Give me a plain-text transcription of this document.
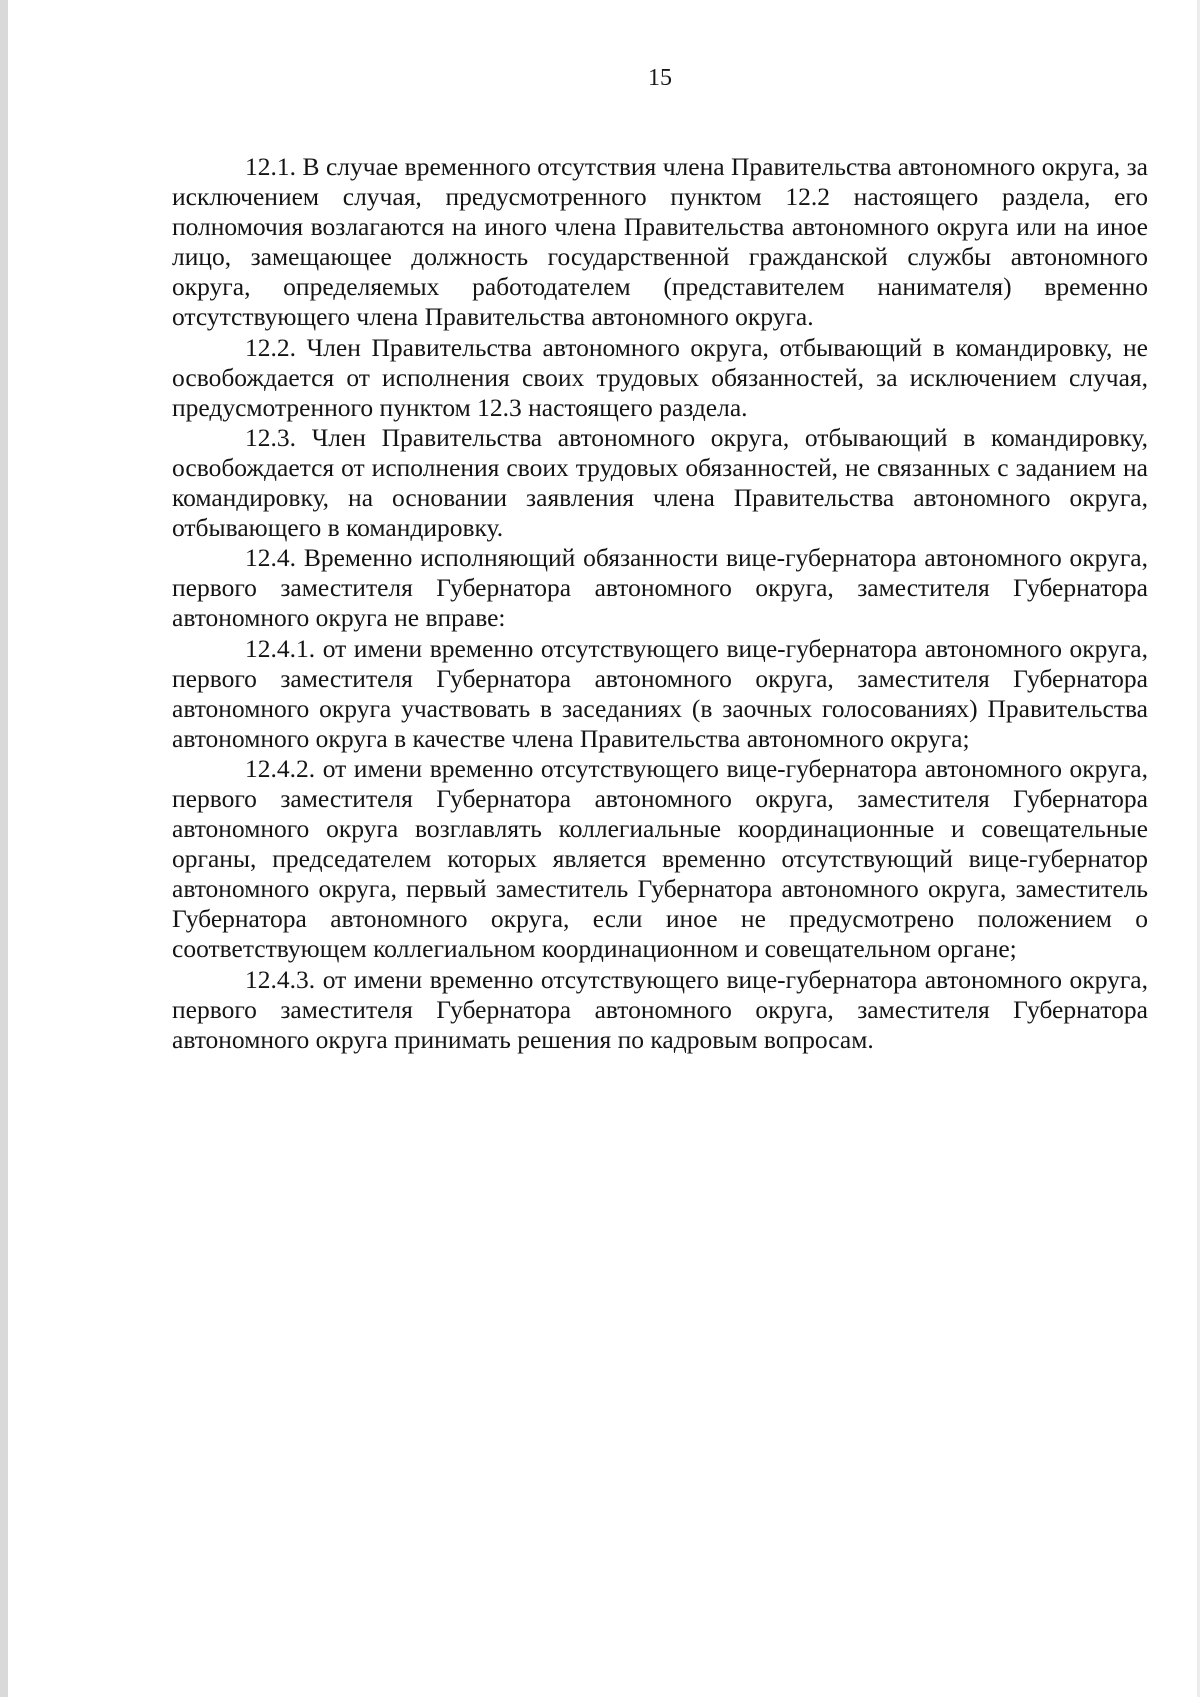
15

12.1. В случае временного отсутствия члена Правительства автономного округа, за исключением случая, предусмотренного пунктом 12.2 настоящего раздела, его полномочия возлагаются на иного члена Правительства автономного округа или на иное лицо, замещающее должность государственной гражданской службы автономного округа, определяемых работодателем (представителем нанимателя) временно отсутствующего члена Правительства автономного округа.

12.2. Член Правительства автономного округа, отбывающий в командировку, не освобождается от исполнения своих трудовых обязанностей, за исключением случая, предусмотренного пунктом 12.3 настоящего раздела.

12.3. Член Правительства автономного округа, отбывающий в командировку, освобождается от исполнения своих трудовых обязанностей, не связанных с заданием на командировку, на основании заявления члена Правительства автономного округа, отбывающего в командировку.

12.4. Временно исполняющий обязанности вице-губернатора автономного округа, первого заместителя Губернатора автономного округа, заместителя Губернатора автономного округа не вправе:

12.4.1. от имени временно отсутствующего вице-губернатора автономного округа, первого заместителя Губернатора автономного округа, заместителя Губернатора автономного округа участвовать в заседаниях (в заочных голосованиях) Правительства автономного округа в качестве члена Правительства автономного округа;

12.4.2. от имени временно отсутствующего вице-губернатора автономного округа, первого заместителя Губернатора автономного округа, заместителя Губернатора автономного округа возглавлять коллегиальные координационные и совещательные органы, председателем которых является временно отсутствующий вице-губернатор автономного округа, первый заместитель Губернатора автономного округа, заместитель Губернатора автономного округа, если иное не предусмотрено положением о соответствующем коллегиальном координационном и совещательном органе;

12.4.3. от имени временно отсутствующего вице-губернатора автономного округа, первого заместителя Губернатора автономного округа, заместителя Губернатора автономного округа принимать решения по кадровым вопросам.
